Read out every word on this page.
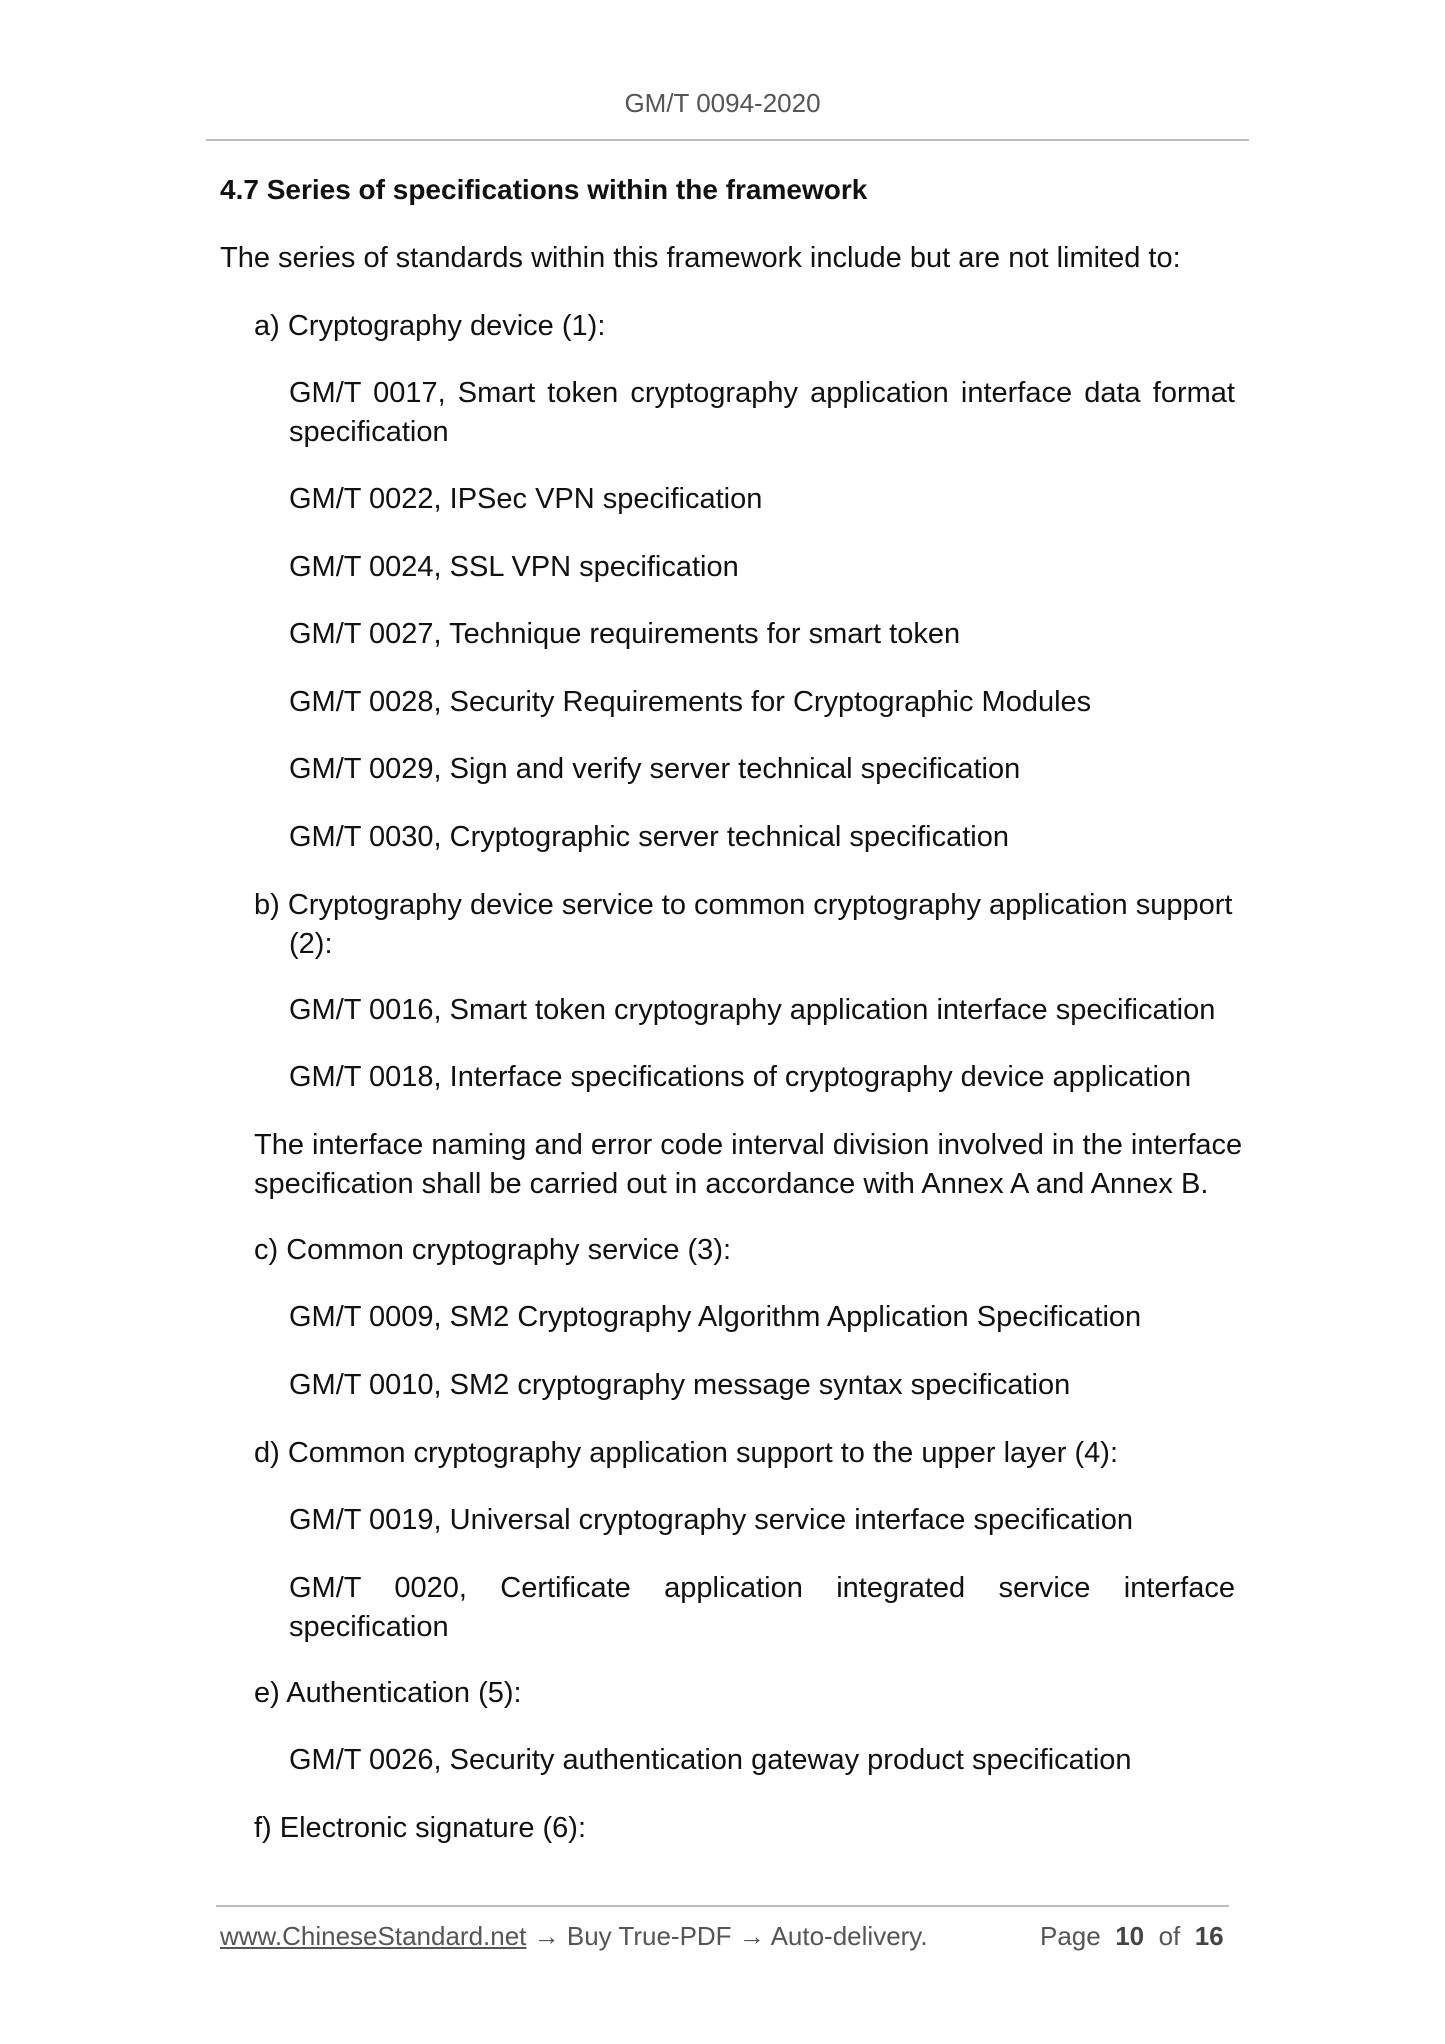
GM/T 0094-2020
4.7 Series of specifications within the framework
The series of standards within this framework include but are not limited to:
a) Cryptography device (1):
GM/T 0017, Smart token cryptography application interface data format specification
GM/T 0022, IPSec VPN specification
GM/T 0024, SSL VPN specification
GM/T 0027, Technique requirements for smart token
GM/T 0028, Security Requirements for Cryptographic Modules
GM/T 0029, Sign and verify server technical specification
GM/T 0030, Cryptographic server technical specification
b) Cryptography device service to common cryptography application support (2):
GM/T 0016, Smart token cryptography application interface specification
GM/T 0018, Interface specifications of cryptography device application
The interface naming and error code interval division involved in the interface specification shall be carried out in accordance with Annex A and Annex B.
c) Common cryptography service (3):
GM/T 0009, SM2 Cryptography Algorithm Application Specification
GM/T 0010, SM2 cryptography message syntax specification
d) Common cryptography application support to the upper layer (4):
GM/T 0019, Universal cryptography service interface specification
GM/T 0020, Certificate application integrated service interface
specification
e) Authentication (5):
GM/T 0026, Security authentication gateway product specification
f) Electronic signature (6):
www.ChineseStandard.net → Buy True-PDF → Auto-delivery.	Page 10 of 16
